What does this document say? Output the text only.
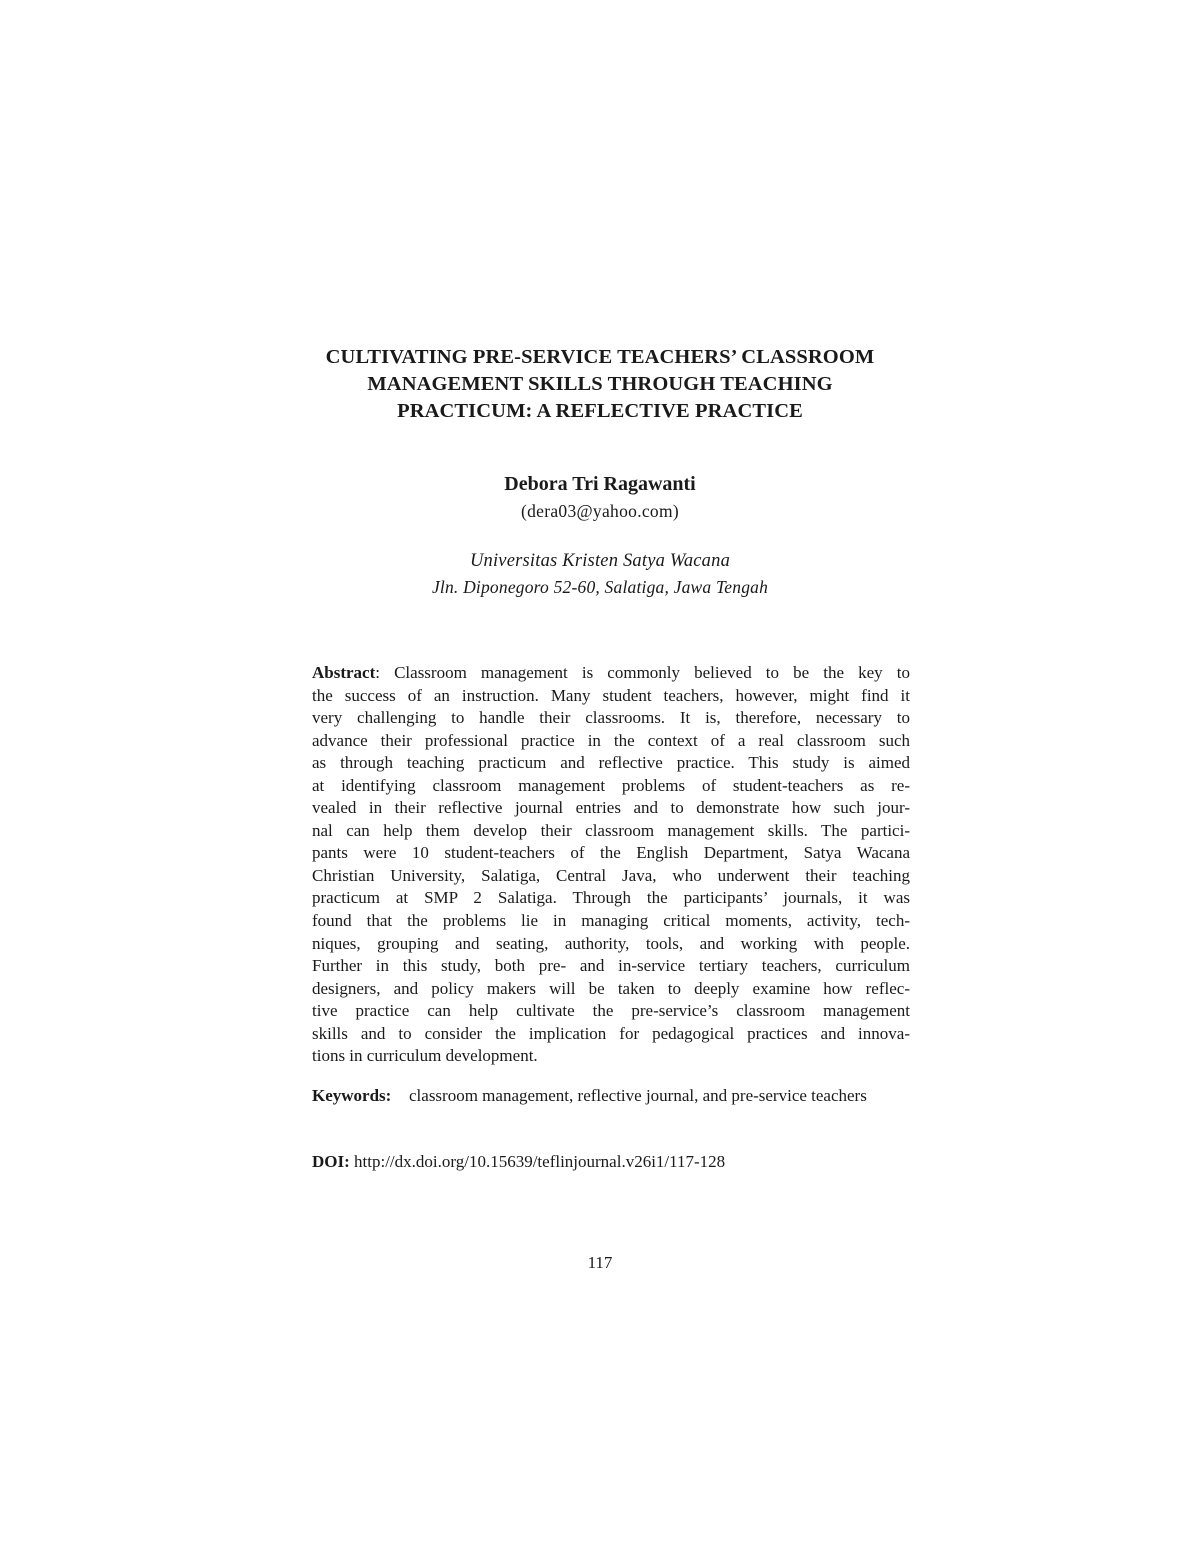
CULTIVATING PRE-SERVICE TEACHERS’ CLASSROOM
MANAGEMENT SKILLS THROUGH TEACHING
PRACTICUM: A REFLECTIVE PRACTICE
Debora Tri Ragawanti
(dera03@yahoo.com)
Universitas Kristen Satya Wacana
Jln. Diponegoro 52-60, Salatiga, Jawa Tengah
Abstract: Classroom management is commonly believed to be the key to
the success of an instruction. Many student teachers, however, might find it
very challenging to handle their classrooms. It is, therefore, necessary to
advance their professional practice in the context of a real classroom such
as through teaching practicum and reflective practice. This study is aimed
at identifying classroom management problems of student-teachers as re-
vealed in their reflective journal entries and to demonstrate how such jour-
nal can help them develop their classroom management skills. The partici-
pants were 10 student-teachers of the English Department, Satya Wacana
Christian University, Salatiga, Central Java, who underwent their teaching
practicum at SMP 2 Salatiga. Through the participants’ journals, it was
found that the problems lie in managing critical moments, activity, tech-
niques, grouping and seating, authority, tools, and working with people.
Further in this study, both pre- and in-service tertiary teachers, curriculum
designers, and policy makers will be taken to deeply examine how reflec-
tive practice can help cultivate the pre-service’s classroom management
skills and to consider the implication for pedagogical practices and innova-
tions in curriculum development.
Keywords:	classroom management, reflective journal, and pre-service teachers
DOI: http://dx.doi.org/10.15639/teflinjournal.v26i1/117-128
117
